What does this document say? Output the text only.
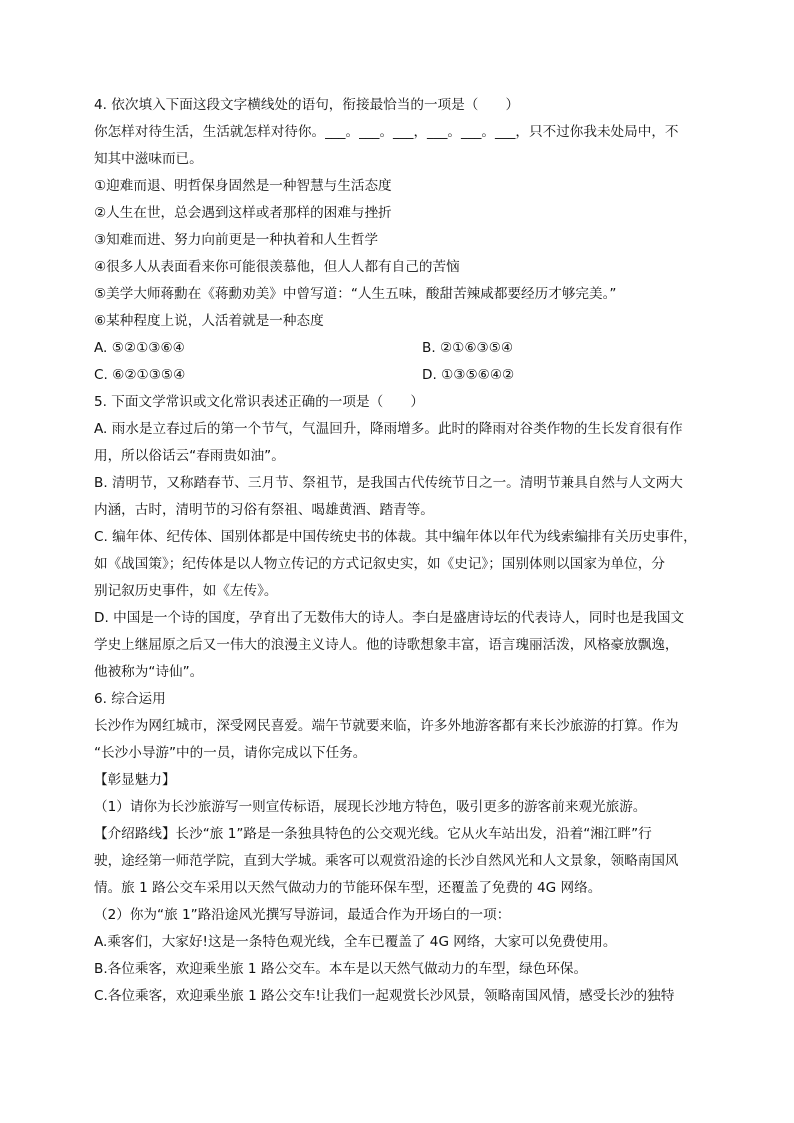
4. 依次填入下面这段文字横线处的语句，衔接最恰当的一项是（　　）
你怎样对待生活，生活就怎样对待你。___。___。___，___。___。___，只不过你我未处局中，不
知其中滋味而已。
①迎难而退、明哲保身固然是一种智慧与生活态度
②人生在世，总会遇到这样或者那样的困难与挫折
③知难而进、努力向前更是一种执着和人生哲学
④很多人从表面看来你可能很羡慕他，但人人都有自己的苦恼
⑤美学大师蒋勳在《蒋勳劝美》中曾写道：“人生五味，酸甜苦辣咸都要经历才够完美。”
⑥某种程度上说，人活着就是一种态度
A. ⑤②①③⑥④	B. ②①⑥③⑤④
C. ⑥②①③⑤④	D. ①③⑤⑥④②
5. 下面文学常识或文化常识表述正确的一项是（　　）
A. 雨水是立春过后的第一个节气，气温回升，降雨增多。此时的降雨对谷类作物的生长发育很有作
用，所以俗话云“春雨贵如油”。
B. 清明节，又称踏春节、三月节、祭祖节，是我国古代传统节日之一。清明节兼具自然与人文两大
内涵，古时，清明节的习俗有祭祖、喝雄黄酒、踏青等。
C. 编年体、纪传体、国别体都是中国传统史书的体裁。其中编年体以年代为线索编排有关历史事件，
如《战国策》；纪传体是以人物立传记的方式记叙史实，如《史记》；国别体则以国家为单位，分
别记叙历史事件，如《左传》。
D. 中国是一个诗的国度，孕育出了无数伟大的诗人。李白是盛唐诗坛的代表诗人，同时也是我国文
学史上继屈原之后又一伟大的浪漫主义诗人。他的诗歌想象丰富，语言瑰丽活泼，风格豪放飘逸，
他被称为“诗仙”。
6. 综合运用
长沙作为网红城市，深受网民喜爱。端午节就要来临，许多外地游客都有来长沙旅游的打算。作为
“长沙小导游”中的一员，请你完成以下任务。
【彰显魅力】
（1）请你为长沙旅游写一则宣传标语，展现长沙地方特色，吸引更多的游客前来观光旅游。
【介绍路线】长沙“旅 1”路是一条独具特色的公交观光线。它从火车站出发，沿着“湘江畔”行
驶，途经第一师范学院，直到大学城。乘客可以观赏沿途的长沙自然风光和人文景象，领略南国风
情。旅 1 路公交车采用以天然气做动力的节能环保车型，还覆盖了免费的 4G 网络。
（2）你为“旅 1”路沿途风光撰写导游词，最适合作为开场白的一项：
A.乘客们，大家好!这是一条特色观光线，全车已覆盖了 4G 网络，大家可以免费使用。
B.各位乘客，欢迎乘坐旅 1 路公交车。本车是以天然气做动力的车型，绿色环保。
C.各位乘客，欢迎乘坐旅 1 路公交车!让我们一起观赏长沙风景，领略南国风情，感受长沙的独特
